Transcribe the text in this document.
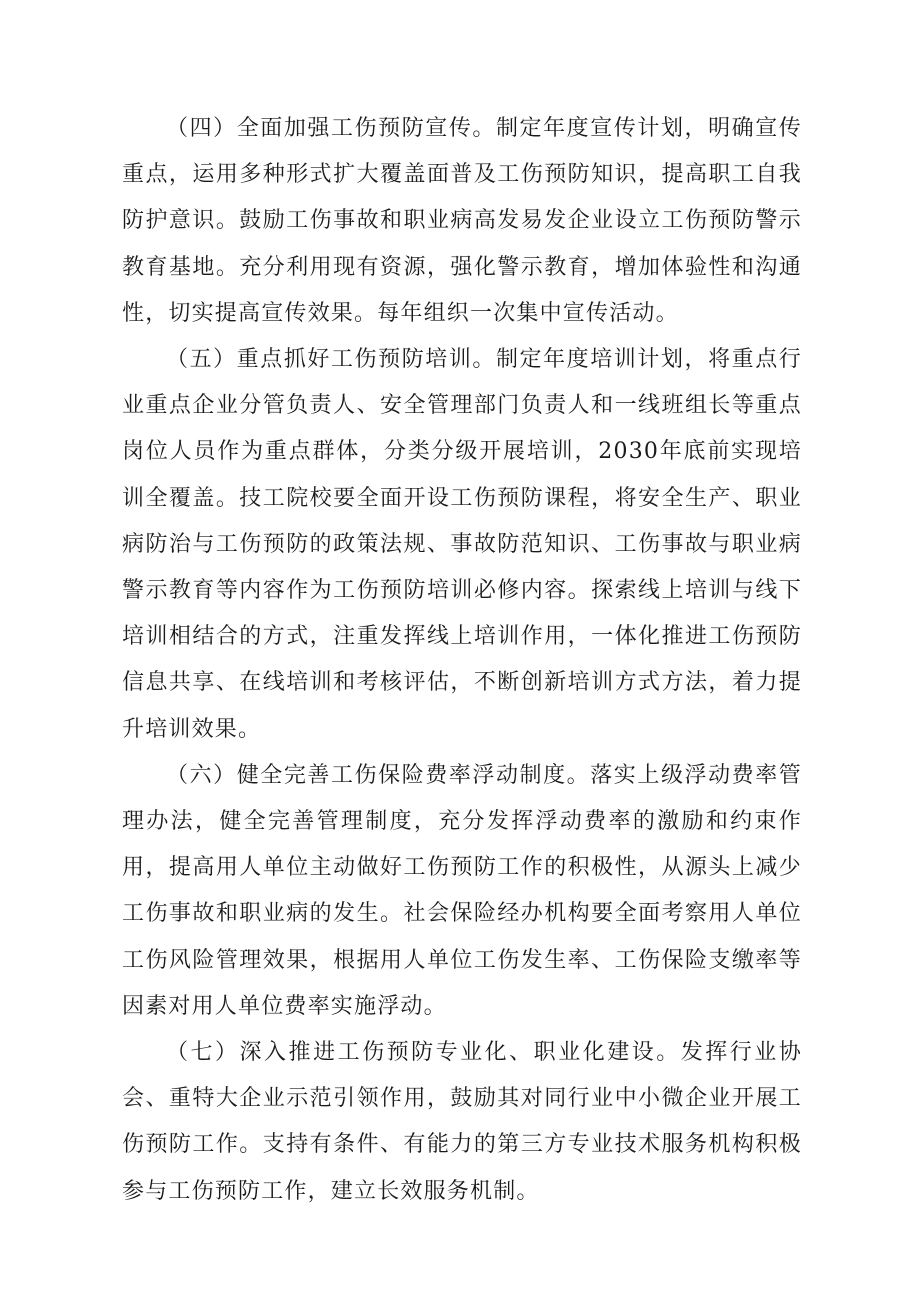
（四）全面加强工伤预防宣传。制定年度宣传计划，明确宣传重点，运用多种形式扩大覆盖面普及工伤预防知识，提高职工自我防护意识。鼓励工伤事故和职业病高发易发企业设立工伤预防警示教育基地。充分利用现有资源，强化警示教育，增加体验性和沟通性，切实提高宣传效果。每年组织一次集中宣传活动。

（五）重点抓好工伤预防培训。制定年度培训计划，将重点行业重点企业分管负责人、安全管理部门负责人和一线班组长等重点岗位人员作为重点群体，分类分级开展培训，2030年底前实现培训全覆盖。技工院校要全面开设工伤预防课程，将安全生产、职业病防治与工伤预防的政策法规、事故防范知识、工伤事故与职业病警示教育等内容作为工伤预防培训必修内容。探索线上培训与线下培训相结合的方式，注重发挥线上培训作用，一体化推进工伤预防信息共享、在线培训和考核评估，不断创新培训方式方法，着力提升培训效果。

（六）健全完善工伤保险费率浮动制度。落实上级浮动费率管理办法，健全完善管理制度，充分发挥浮动费率的激励和约束作用，提高用人单位主动做好工伤预防工作的积极性，从源头上减少工伤事故和职业病的发生。社会保险经办机构要全面考察用人单位工伤风险管理效果，根据用人单位工伤发生率、工伤保险支缴率等因素对用人单位费率实施浮动。

（七）深入推进工伤预防专业化、职业化建设。发挥行业协会、重特大企业示范引领作用，鼓励其对同行业中小微企业开展工伤预防工作。支持有条件、有能力的第三方专业技术服务机构积极参与工伤预防工作，建立长效服务机制。
